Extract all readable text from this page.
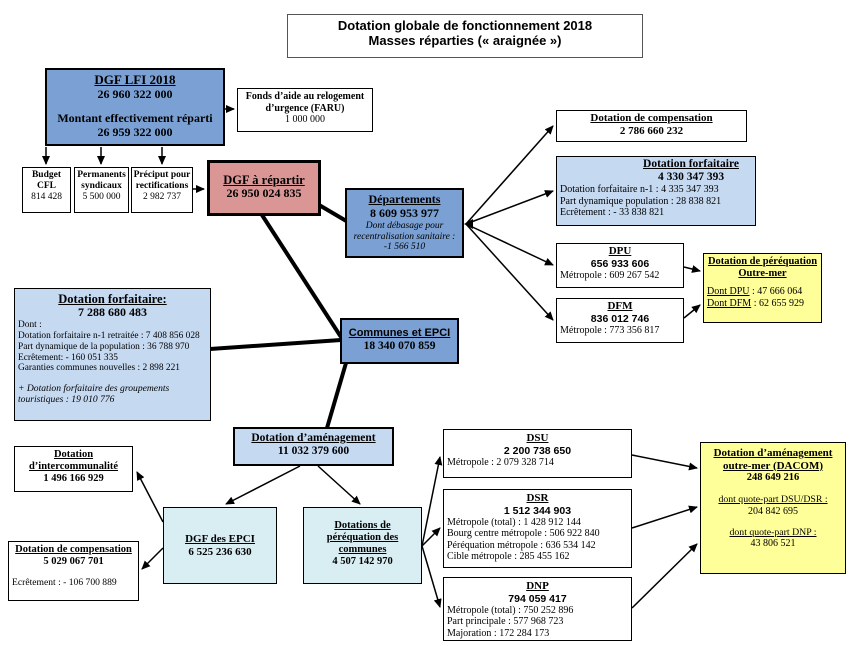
Dotation globale de fonctionnement 2018
Masses réparties (« araignée »)
DGF LFI 2018
26 960 322 000
Montant effectivement réparti
26 959 322 000
Fonds d’aide au relogement d’urgence (FARU)
1 000 000
Budget CFL
814 428
Permanents syndicaux
5 500 000
Préciput pour rectifications
2 982 737
DGF à répartir
26 950 024 835	Départements
8 609 953 977
Dont débasage pour recentralisation sanitaire : -1 566 510
Dotation de compensation
2 786 660 232
Dotation forfaitaire
4 330 347 393
Dotation forfaitaire n-1 : 4 335 347 393
Part dynamique population : 28 838 821
Ecrêtement : - 33 838 821
DPU
656 933 606
Métropole : 609 267 542
DFM
836 012 746
Métropole : 773 356 817
Dotation de péréquation Outre-mer
Dont DPU : 47 666 064
Dont DFM : 62 655 929
Communes et EPCI
18 340 070 859
Dotation forfaitaire:
7 288 680 483
Dont :
Dotation forfaitaire n-1 retraitée : 7 408 856 028
Part dynamique de la population : 36 788 970
Ecrêtement: - 160 051 335
Garanties communes nouvelles : 2 898 221
+ Dotation forfaitaire des groupements touristiques : 19 010 776
Dotation d’aménagement
11 032 379 600
Dotation d’intercommunalité
1 496 166 929
Dotation de compensation
5 029 067 701
Ecrêtement : - 106 700 889
DGF des EPCI
6 525 236 630
Dotations de péréquation des communes
4 507 142 970
DSU
2 200 738 650
Métropole : 2 079 328 714
DSR
1 512 344 903
Métropole (total) : 1 428 912 144
Bourg centre métropole : 506 922 840
Péréquation métropole : 636 534 142
Cible métropole : 285 455 162
DNP
794 059 417
Métropole (total) : 750 252 896
Part principale : 577 968 723
Majoration : 172 284 173
Dotation d’aménagement outre-mer (DACOM)
248 649 216
dont quote-part DSU/DSR :
204 842 695
dont quote-part DNP :
43 806 521
